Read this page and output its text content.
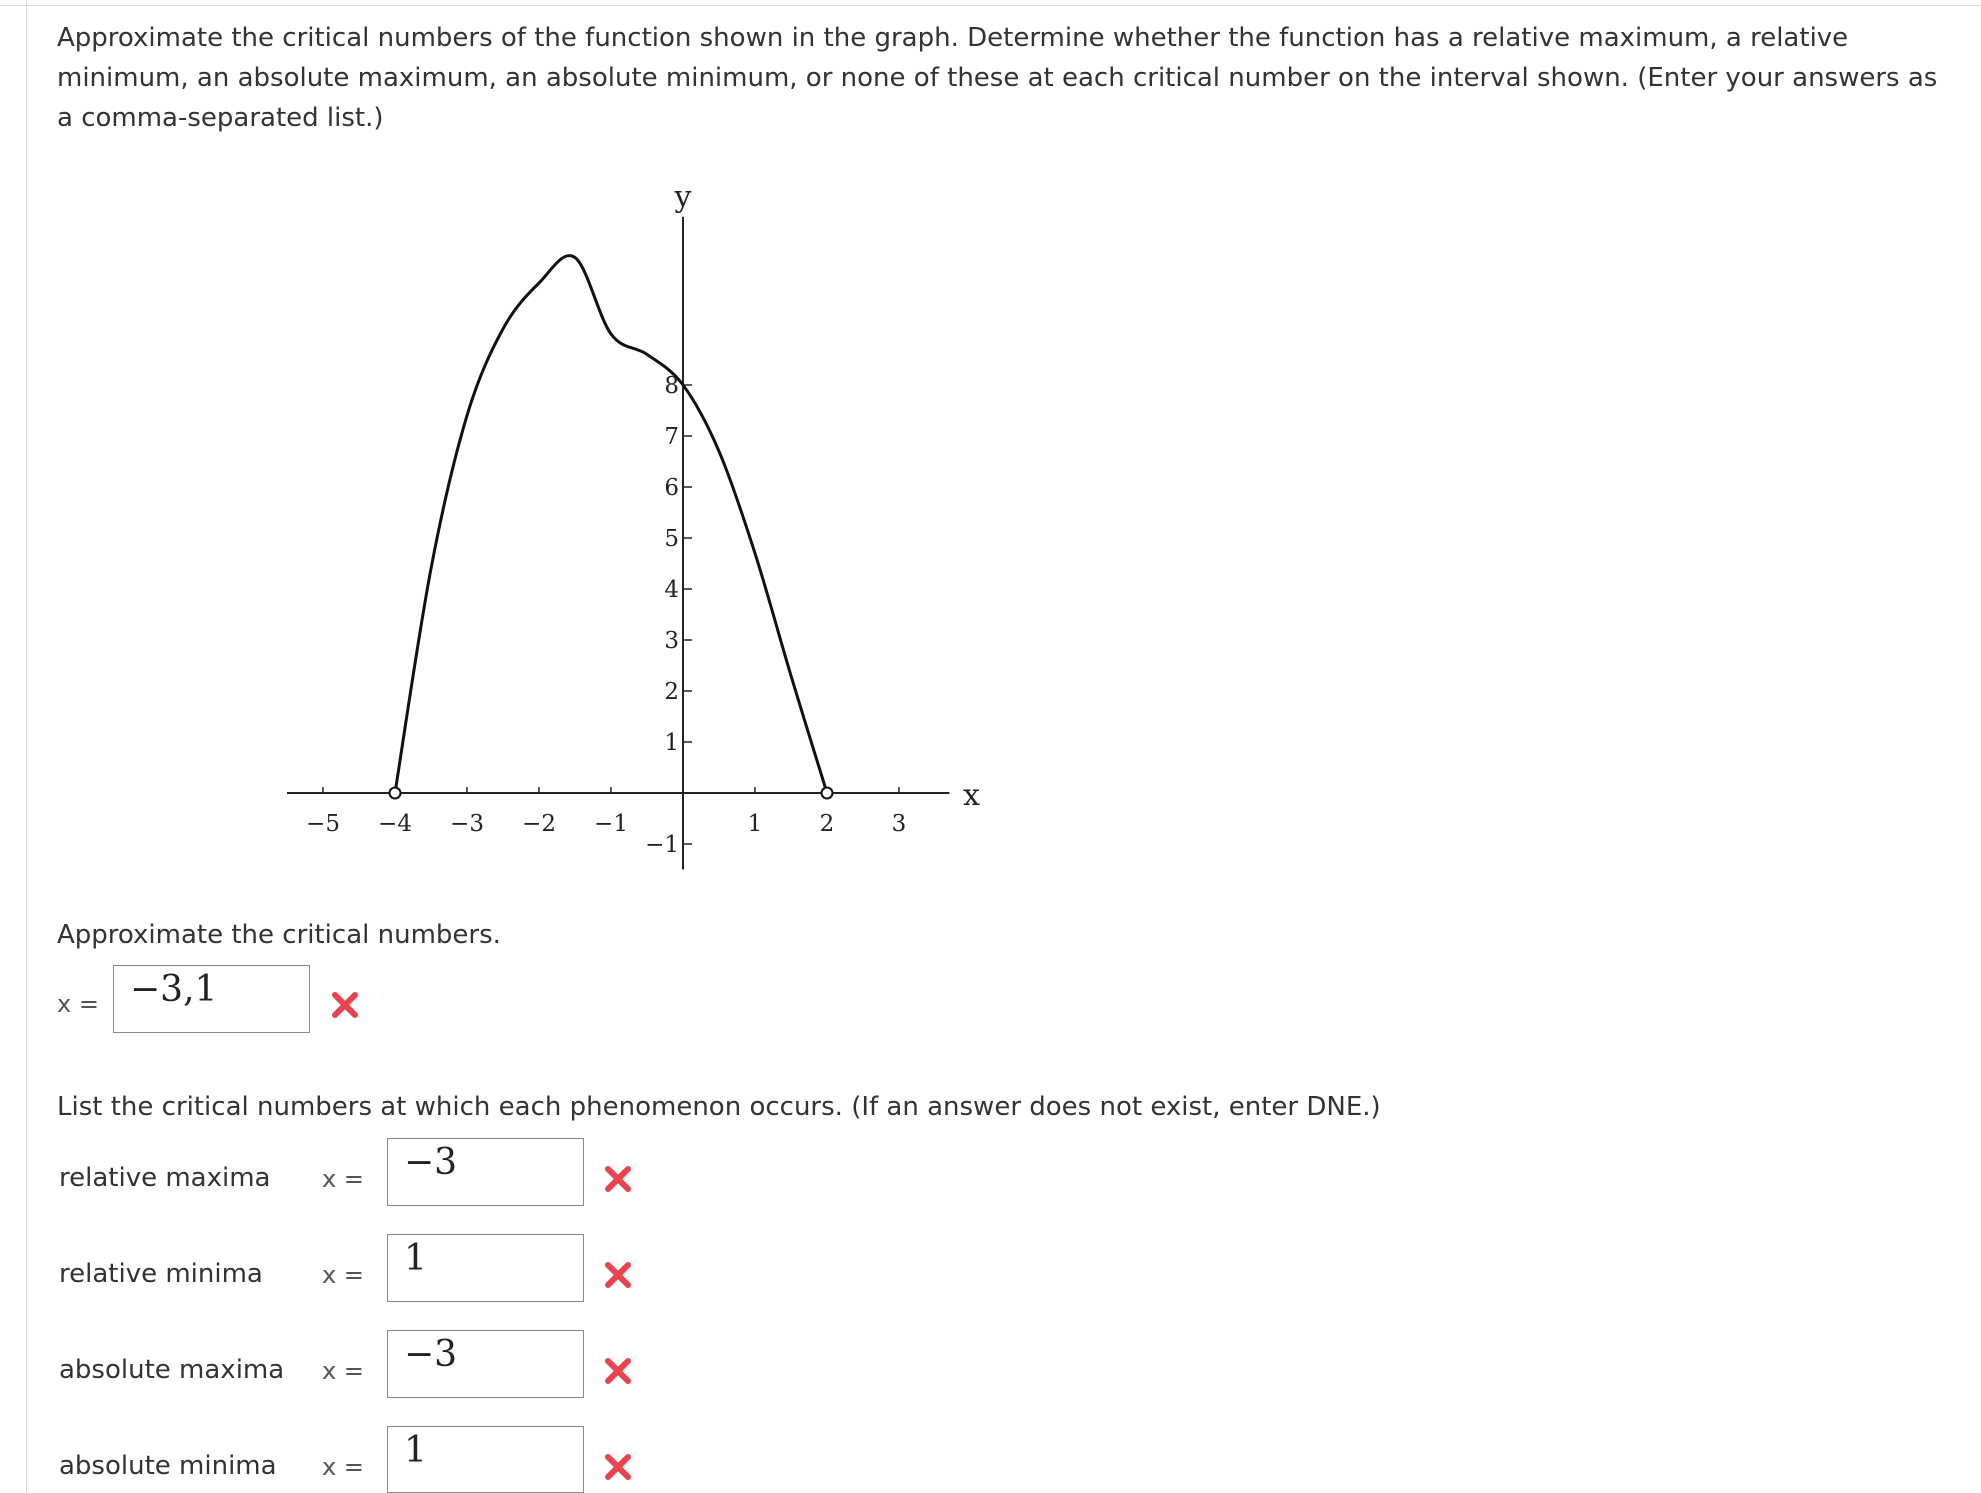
Approximate the critical numbers of the function shown in the graph. Determine whether the function has a relative maximum, a relative minimum, an absolute maximum, an absolute minimum, or none of these at each critical number on the interval shown. (Enter your answers as a comma-separated list.)
−5 −4 −3 −2 −1	1 2 3
−1
1
2
3
4
5
6
7
8
x
y
Approximate the critical numbers.
x = −3,1
List the critical numbers at which each phenomenon occurs. (If an answer does not exist, enter DNE.)
relative maxima x =	−3
relative minima x =	1
absolute maxima x =	−3
absolute minima x =	1
